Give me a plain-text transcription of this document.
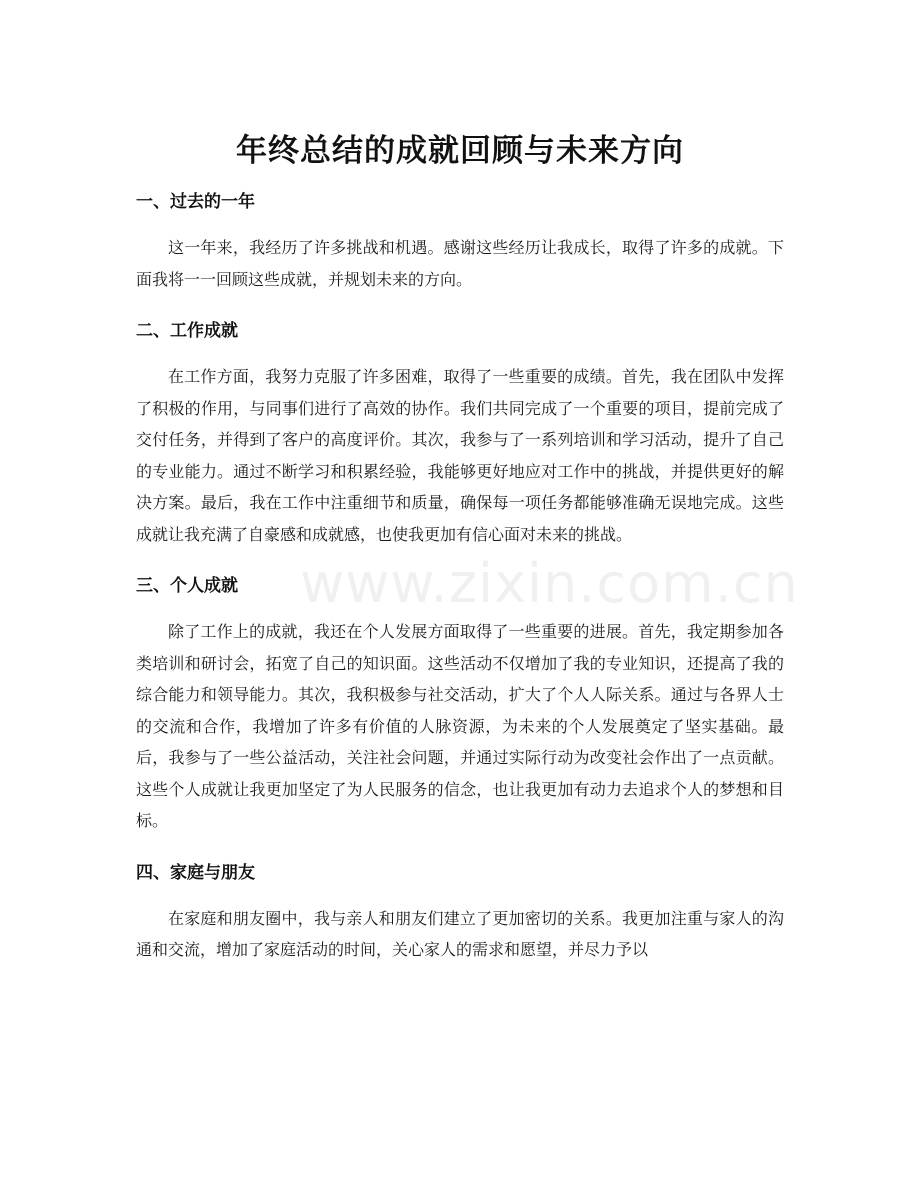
年终总结的成就回顾与未来方向
www.zixin.com.cn
一、过去的一年

这一年来，我经历了许多挑战和机遇。感谢这些经历让我成长，取得了许多的成就。下面我将一一回顾这些成就，并规划未来的方向。

二、工作成就

在工作方面，我努力克服了许多困难，取得了一些重要的成绩。首先，我在团队中发挥了积极的作用，与同事们进行了高效的协作。我们共同完成了一个重要的项目，提前完成了交付任务，并得到了客户的高度评价。其次，我参与了一系列培训和学习活动，提升了自己的专业能力。通过不断学习和积累经验，我能够更好地应对工作中的挑战，并提供更好的解决方案。最后，我在工作中注重细节和质量，确保每一项任务都能够准确无误地完成。这些成就让我充满了自豪感和成就感，也使我更加有信心面对未来的挑战。

三、个人成就

除了工作上的成就，我还在个人发展方面取得了一些重要的进展。首先，我定期参加各类培训和研讨会，拓宽了自己的知识面。这些活动不仅增加了我的专业知识，还提高了我的综合能力和领导能力。其次，我积极参与社交活动，扩大了个人人际关系。通过与各界人士的交流和合作，我增加了许多有价值的人脉资源，为未来的个人发展奠定了坚实基础。最后，我参与了一些公益活动，关注社会问题，并通过实际行动为改变社会作出了一点贡献。这些个人成就让我更加坚定了为人民服务的信念，也让我更加有动力去追求个人的梦想和目标。

四、家庭与朋友

在家庭和朋友圈中，我与亲人和朋友们建立了更加密切的关系。我更加注重与家人的沟通和交流，增加了家庭活动的时间，关心家人的需求和愿望，并尽力予以
